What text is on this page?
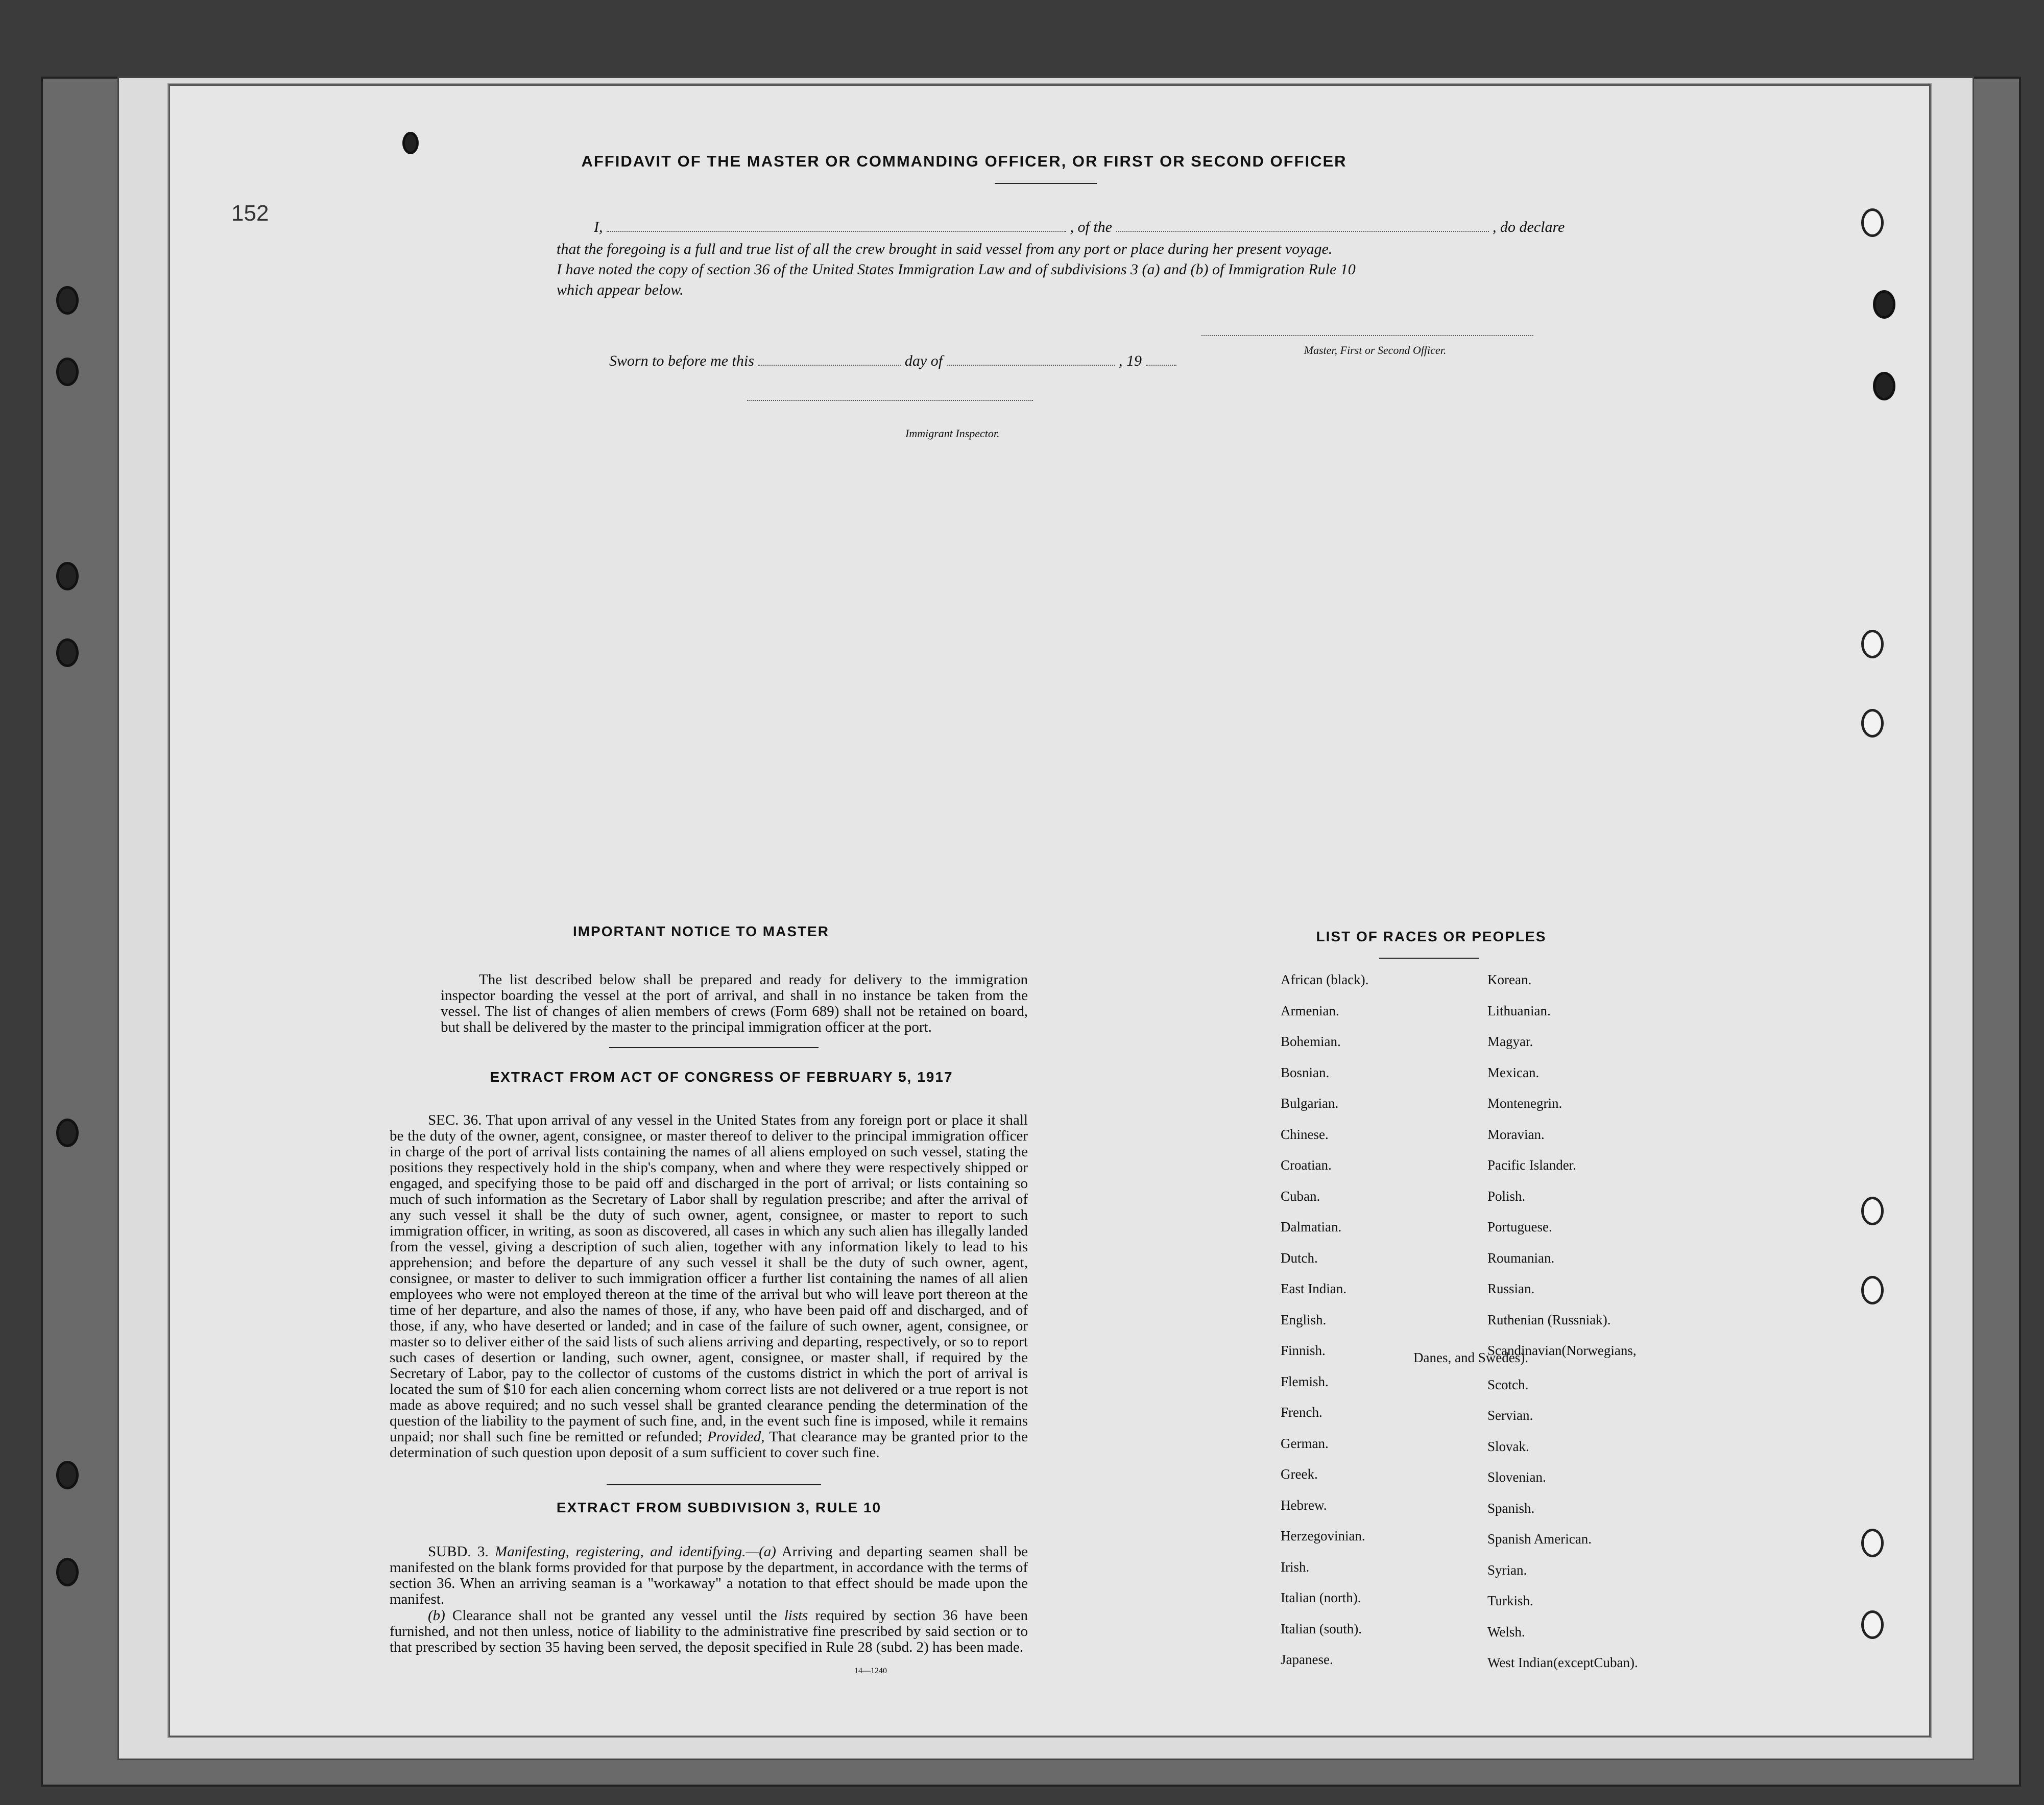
152
AFFIDAVIT OF THE MASTER OR COMMANDING OFFICER, OR FIRST OR SECOND OFFICER
I,	, of the	, do declare
that the foregoing is a full and true list of all the crew brought in said vessel from any port or place during her present voyage.
I have noted the copy of section 36 of the United States Immigration Law and of subdivisions 3 (a) and (b) of Immigration Rule 10
which appear below.
Master, First or Second Officer.
Sworn to before me this	day of	, 19
Immigrant Inspector.
IMPORTANT NOTICE TO MASTER
The list described below shall be prepared and ready for delivery to the immigration inspector boarding the vessel at the port of arrival, and shall in no instance be taken from the vessel. The list of changes of alien members of crews (Form 689) shall not be retained on board, but shall be delivered by the master to the principal immigration officer at the port.
EXTRACT FROM ACT OF CONGRESS OF FEBRUARY 5, 1917
SEC. 36. That upon arrival of any vessel in the United States from any foreign port or place it shall be the duty of the owner, agent, consignee, or master thereof to deliver to the principal immigration officer in charge of the port of arrival lists containing the names of all aliens employed on such vessel, stating the positions they respectively hold in the ship's company, when and where they were respectively shipped or engaged, and specifying those to be paid off and discharged in the port of arrival; or lists containing so much of such information as the Secretary of Labor shall by regulation prescribe; and after the arrival of any such vessel it shall be the duty of such owner, agent, consignee, or master to report to such immigration officer, in writing, as soon as discovered, all cases in which any such alien has illegally landed from the vessel, giving a description of such alien, together with any information likely to lead to his apprehension; and before the departure of any such vessel it shall be the duty of such owner, agent, consignee, or master to deliver to such immigration officer a further list containing the names of all alien employees who were not employed thereon at the time of the arrival but who will leave port thereon at the time of her departure, and also the names of those, if any, who have been paid off and discharged, and of those, if any, who have deserted or landed; and in case of the failure of such owner, agent, consignee, or master so to deliver either of the said lists of such aliens arriving and departing, respectively, or so to report such cases of desertion or landing, such owner, agent, consignee, or master shall, if required by the Secretary of Labor, pay to the collector of customs of the customs district in which the port of arrival is located the sum of $10 for each alien concerning whom correct lists are not delivered or a true report is not made as above required; and no such vessel shall be granted clearance pending the determination of the question of the liability to the payment of such fine, and, in the event such fine is imposed, while it remains unpaid; nor shall such fine be remitted or refunded; Provided, That clearance may be granted prior to the determination of such question upon deposit of a sum sufficient to cover such fine.
EXTRACT FROM SUBDIVISION 3, RULE 10
SUBD. 3. Manifesting, registering, and identifying.—(a) Arriving and departing seamen shall be manifested on the blank forms provided for that purpose by the department, in accordance with the terms of section 36. When an arriving seaman is a "workaway" a notation to that effect should be made upon the manifest.
(b) Clearance shall not be granted any vessel until the lists required by section 36 have been furnished, and not then unless, notice of liability to the administrative fine prescribed by said section or to that prescribed by section 35 having been served, the deposit specified in Rule 28 (subd. 2) has been made.
14—1240
LIST OF RACES OR PEOPLES
African (black).
Armenian.
Bohemian.
Bosnian.
Bulgarian.
Chinese.
Croatian.
Cuban.
Dalmatian.
Dutch.
East Indian.
English.
Finnish.
Flemish.
French.
German.
Greek.
Hebrew.
Herzegovinian.
Irish.
Italian (north).
Italian (south).
Japanese.
Korean.
Lithuanian.
Magyar.
Mexican.
Montenegrin.
Moravian.
Pacific Islander.
Polish.
Portuguese.
Roumanian.
Russian.
Ruthenian (Russniak).
Scandinavian(Norwegians,
Scotch.
Servian.
Slovak.
Slovenian.
Spanish.
Spanish American.
Syrian.
Turkish.
Welsh.
West Indian(exceptCuban).
Danes, and Swedes).
